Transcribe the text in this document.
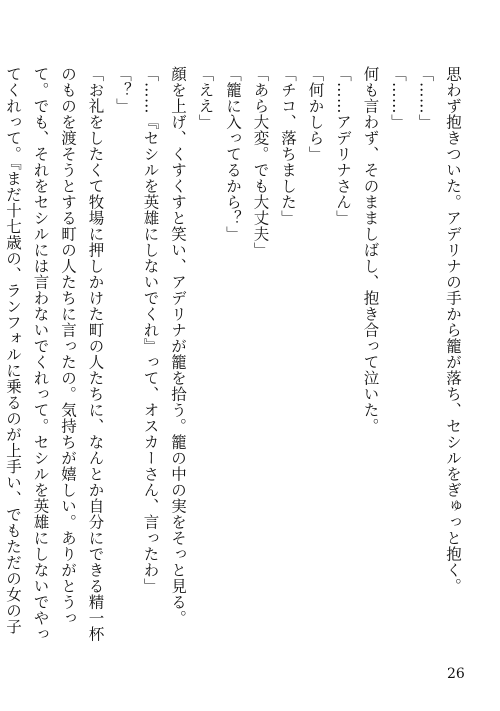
思わず抱きついた。アデリナの手から籠が落ち、セシルをぎゅっと抱く。

「……」

「……」

何も言わず、そのまましばし、抱き合って泣いた。

「……アデリナさん」

「何かしら」

「チコ、落ちました」

「あら大変。でも大丈夫」

「籠に入ってるから？」

「ええ」

顔を上げ、くすくすと笑い、アデリナが籠を拾う。籠の中の実をそっと見る。

「……『セシルを英雄にしないでくれ』って、オスカーさん、言ったわ」

「？」

「お礼をしたくて牧場に押しかけた町の人たちに、なんとか自分にできる精一杯のものを渡そうとする町の人たちに言ったの。気持ちが嬉しい。ありがとうって。でも、それをセシルには言わないでくれって。セシルを英雄にしないでやってくれって。『まだ十七歳の、ランフォルに乗るのが上手い、でもただの女の子

26
